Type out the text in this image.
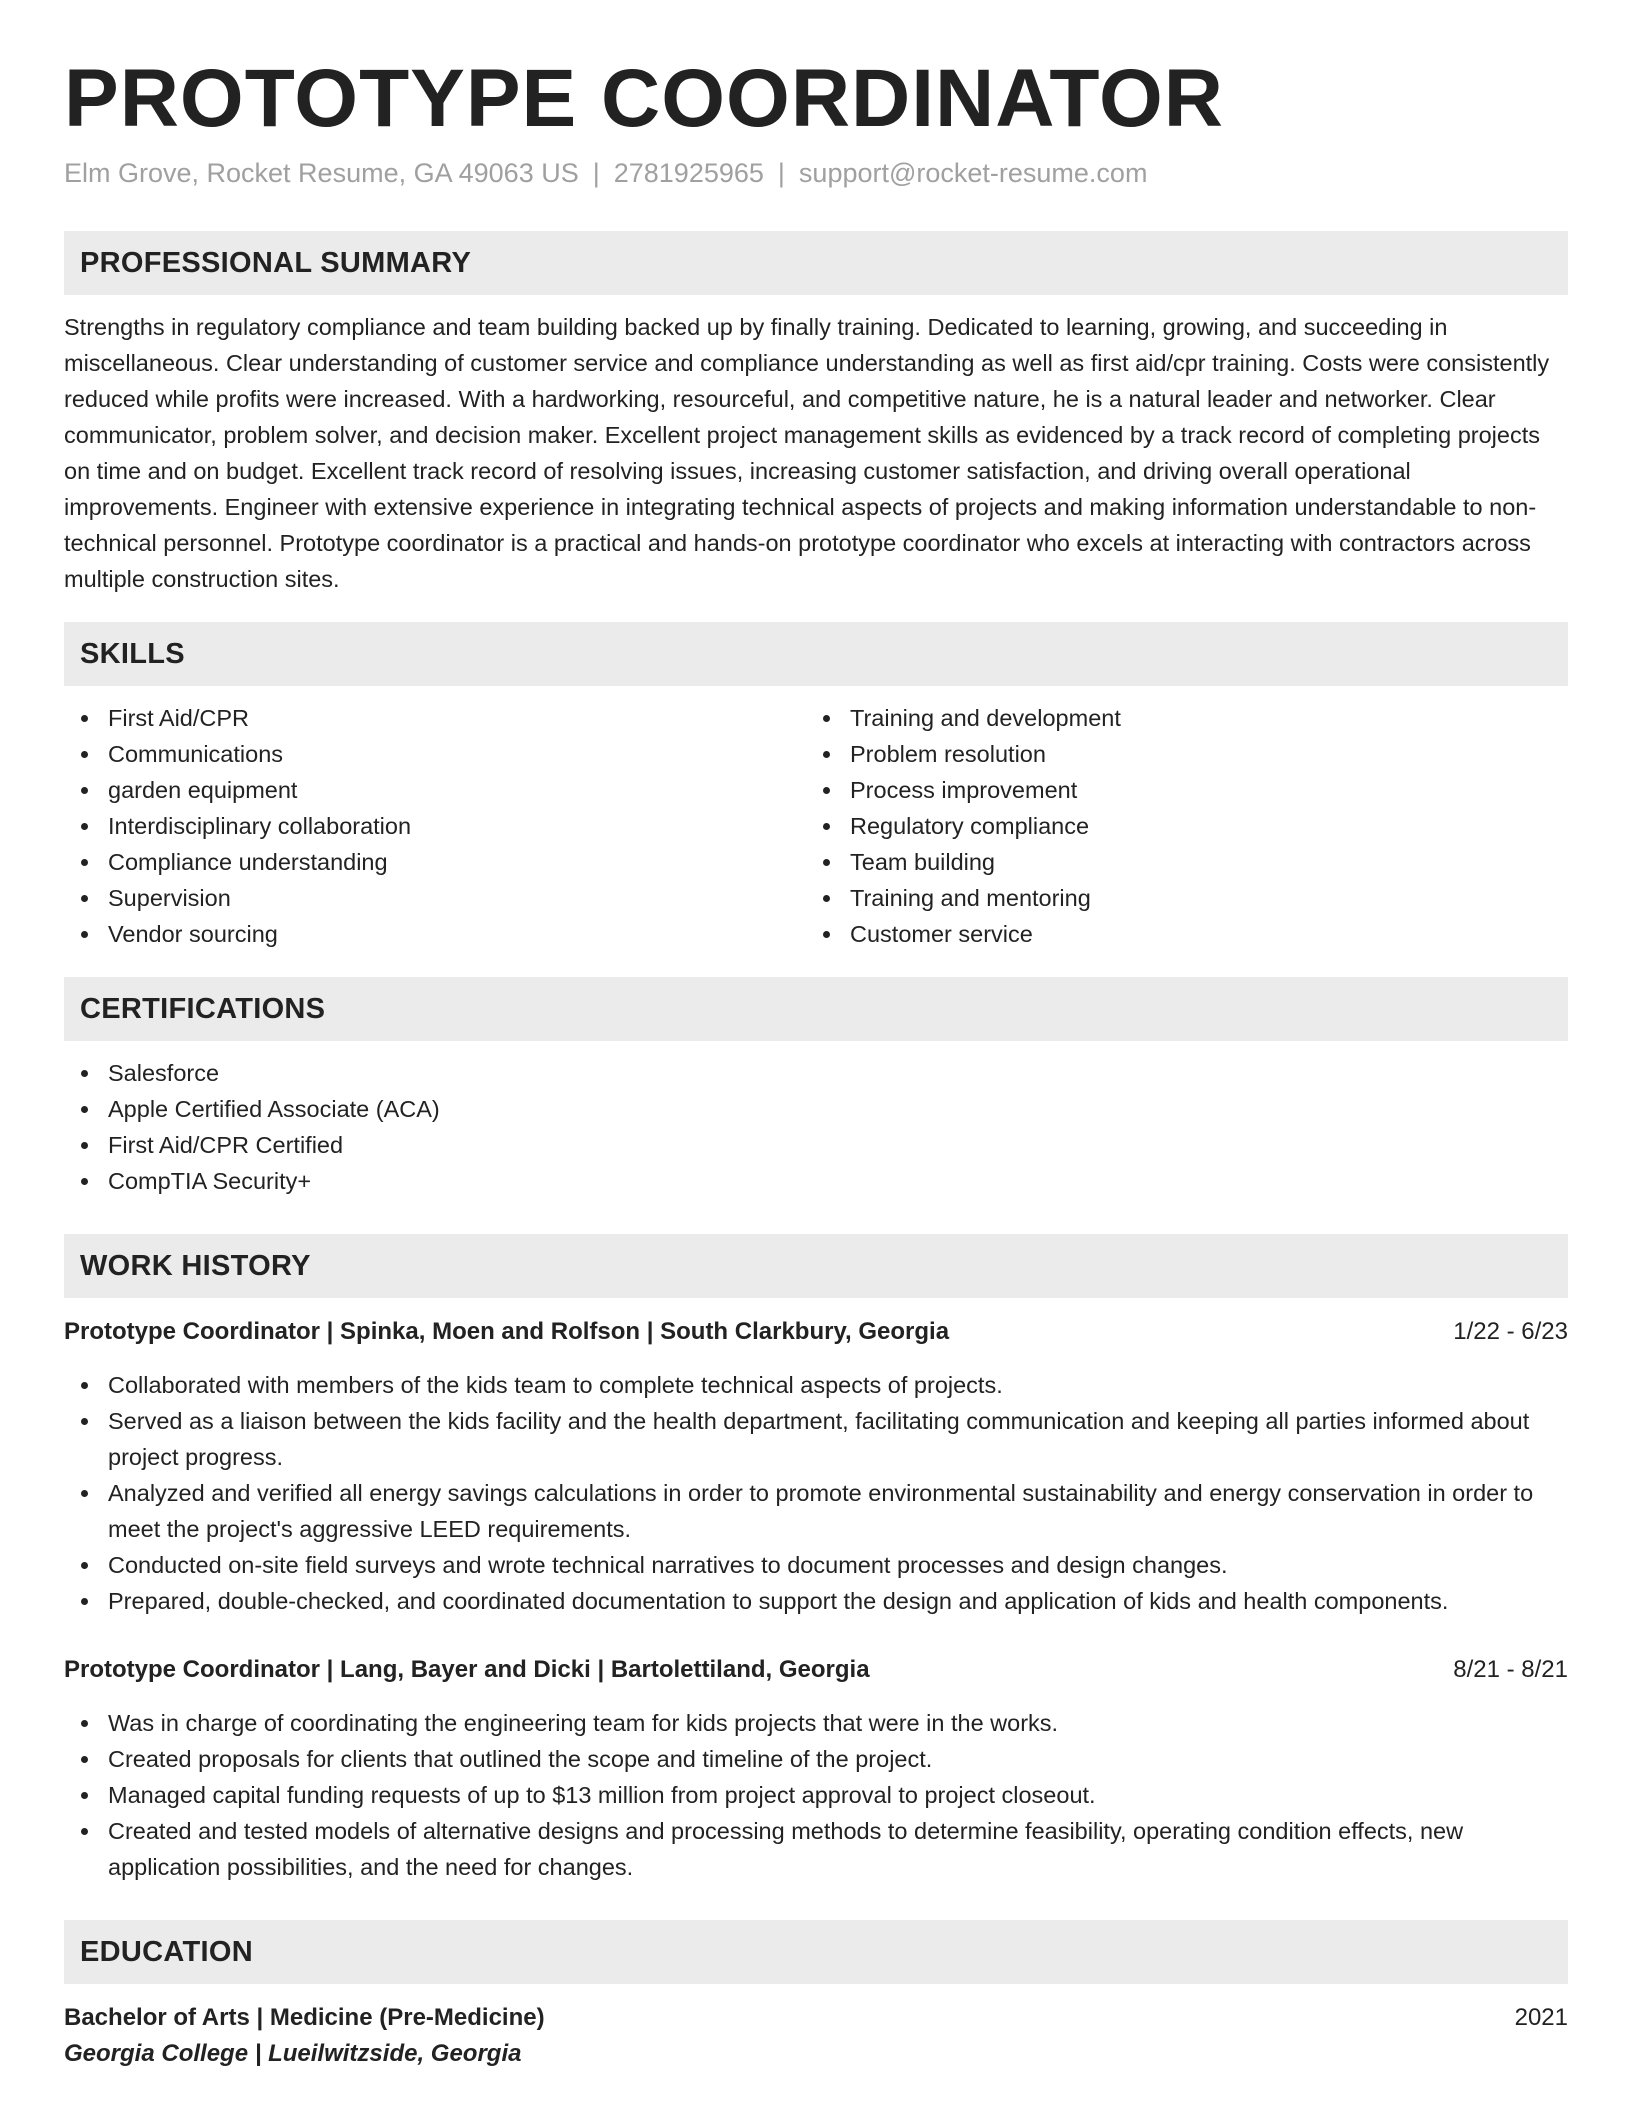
PROTOTYPE COORDINATOR
Elm Grove, Rocket Resume, GA 49063 US | 2781925965 | support@rocket-resume.com
PROFESSIONAL SUMMARY

Strengths in regulatory compliance and team building backed up by finally training. Dedicated to learning, growing, and succeeding in miscellaneous. Clear understanding of customer service and compliance understanding as well as first aid/cpr training. Costs were consistently reduced while profits were increased. With a hardworking, resourceful, and competitive nature, he is a natural leader and networker. Clear communicator, problem solver, and decision maker. Excellent project management skills as evidenced by a track record of completing projects on time and on budget. Excellent track record of resolving issues, increasing customer satisfaction, and driving overall operational improvements. Engineer with extensive experience in integrating technical aspects of projects and making information understandable to non-technical personnel. Prototype coordinator is a practical and hands-on prototype coordinator who excels at interacting with contractors across multiple construction sites.

SKILLS
First Aid/CPR
Communications
garden equipment
Interdisciplinary collaboration
Compliance understanding
Supervision
Vendor sourcing
Training and development
Problem resolution
Process improvement
Regulatory compliance
Team building
Training and mentoring
Customer service
CERTIFICATIONS
Salesforce
Apple Certified Associate (ACA)
First Aid/CPR Certified
CompTIA Security+
WORK HISTORY
Prototype Coordinator | Spinka, Moen and Rolfson | South Clarkbury, Georgia	1/22 - 6/23
Collaborated with members of the kids team to complete technical aspects of projects.
Served as a liaison between the kids facility and the health department, facilitating communication and keeping all parties informed about project progress.
Analyzed and verified all energy savings calculations in order to promote environmental sustainability and energy conservation in order to meet the project's aggressive LEED requirements.
Conducted on-site field surveys and wrote technical narratives to document processes and design changes.
Prepared, double-checked, and coordinated documentation to support the design and application of kids and health components.
Prototype Coordinator | Lang, Bayer and Dicki | Bartolettiland, Georgia	8/21 - 8/21
Was in charge of coordinating the engineering team for kids projects that were in the works.
Created proposals for clients that outlined the scope and timeline of the project.
Managed capital funding requests of up to $13 million from project approval to project closeout.
Created and tested models of alternative designs and processing methods to determine feasibility, operating condition effects, new application possibilities, and the need for changes.
EDUCATION
Bachelor of Arts | Medicine (Pre-Medicine)	2021
Georgia College | Lueilwitzside, Georgia
